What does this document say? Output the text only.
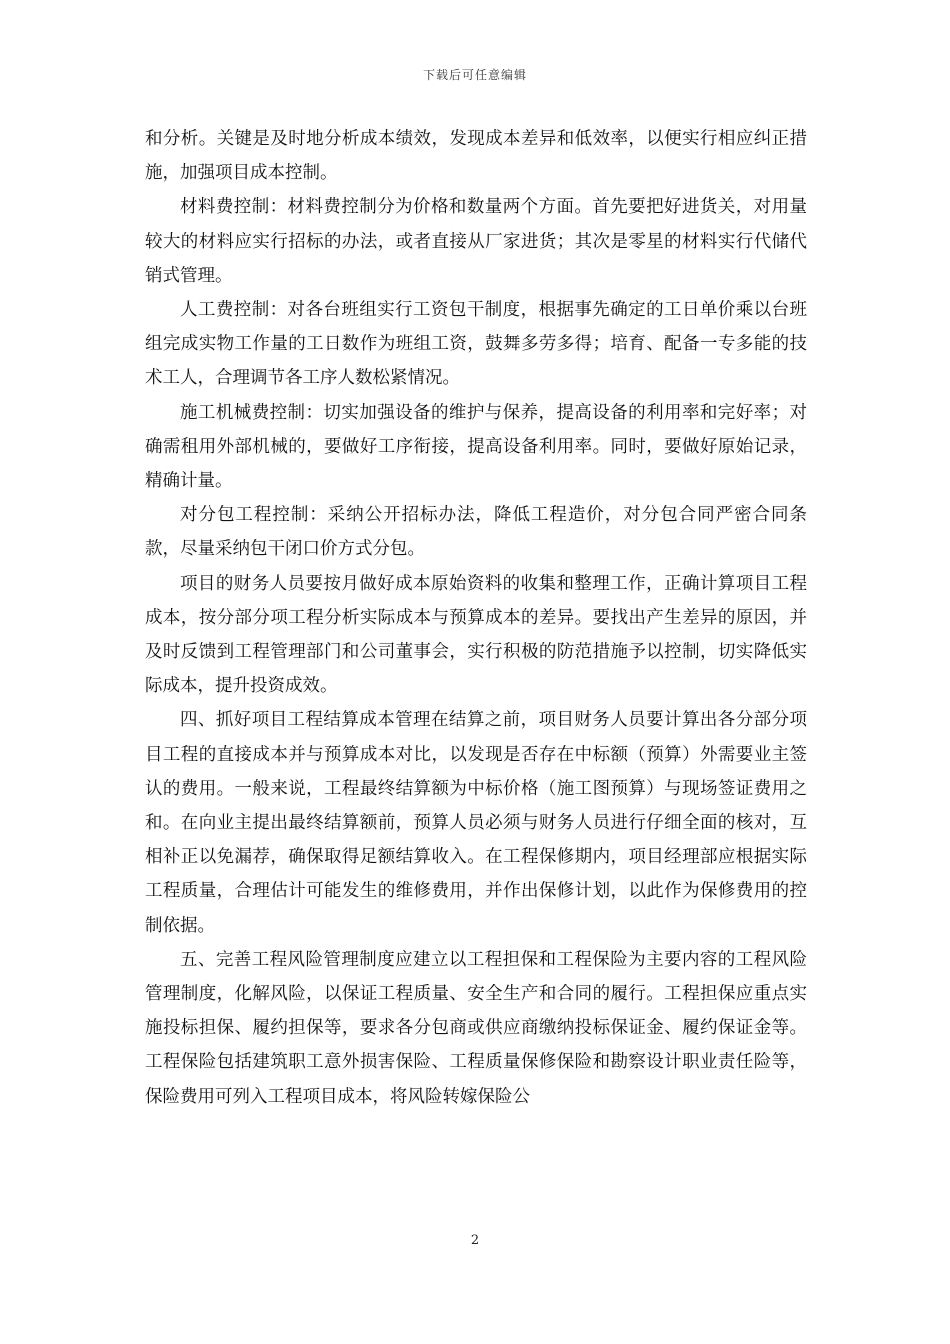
下载后可任意编辑

和分析。关键是及时地分析成本绩效，发现成本差异和低效率，以便实行相应纠正措施，加强项目成本控制。

材料费控制：材料费控制分为价格和数量两个方面。首先要把好进货关，对用量较大的材料应实行招标的办法，或者直接从厂家进货；其次是零星的材料实行代储代销式管理。

人工费控制：对各台班组实行工资包干制度，根据事先确定的工日单价乘以台班组完成实物工作量的工日数作为班组工资，鼓舞多劳多得；培育、配备一专多能的技术工人，合理调节各工序人数松紧情况。

施工机械费控制：切实加强设备的维护与保养，提高设备的利用率和完好率；对确需租用外部机械的，要做好工序衔接，提高设备利用率。同时，要做好原始记录，精确计量。

对分包工程控制：采纳公开招标办法，降低工程造价，对分包合同严密合同条款，尽量采纳包干闭口价方式分包。

项目的财务人员要按月做好成本原始资料的收集和整理工作，正确计算项目工程成本，按分部分项工程分析实际成本与预算成本的差异。要找出产生差异的原因，并及时反馈到工程管理部门和公司董事会，实行积极的防范措施予以控制，切实降低实际成本，提升投资成效。

四、抓好项目工程结算成本管理在结算之前，项目财务人员要计算出各分部分项目工程的直接成本并与预算成本对比，以发现是否存在中标额（预算）外需要业主签认的费用。一般来说，工程最终结算额为中标价格（施工图预算）与现场签证费用之和。在向业主提出最终结算额前，预算人员必须与财务人员进行仔细全面的核对，互相补正以免漏荐，确保取得足额结算收入。在工程保修期内，项目经理部应根据实际工程质量，合理估计可能发生的维修费用，并作出保修计划，以此作为保修费用的控制依据。

五、完善工程风险管理制度应建立以工程担保和工程保险为主要内容的工程风险管理制度，化解风险，以保证工程质量、安全生产和合同的履行。工程担保应重点实施投标担保、履约担保等，要求各分包商或供应商缴纳投标保证金、履约保证金等。工程保险包括建筑职工意外损害保险、工程质量保修保险和勘察设计职业责任险等，保险费用可列入工程项目成本，将风险转嫁保险公

2
